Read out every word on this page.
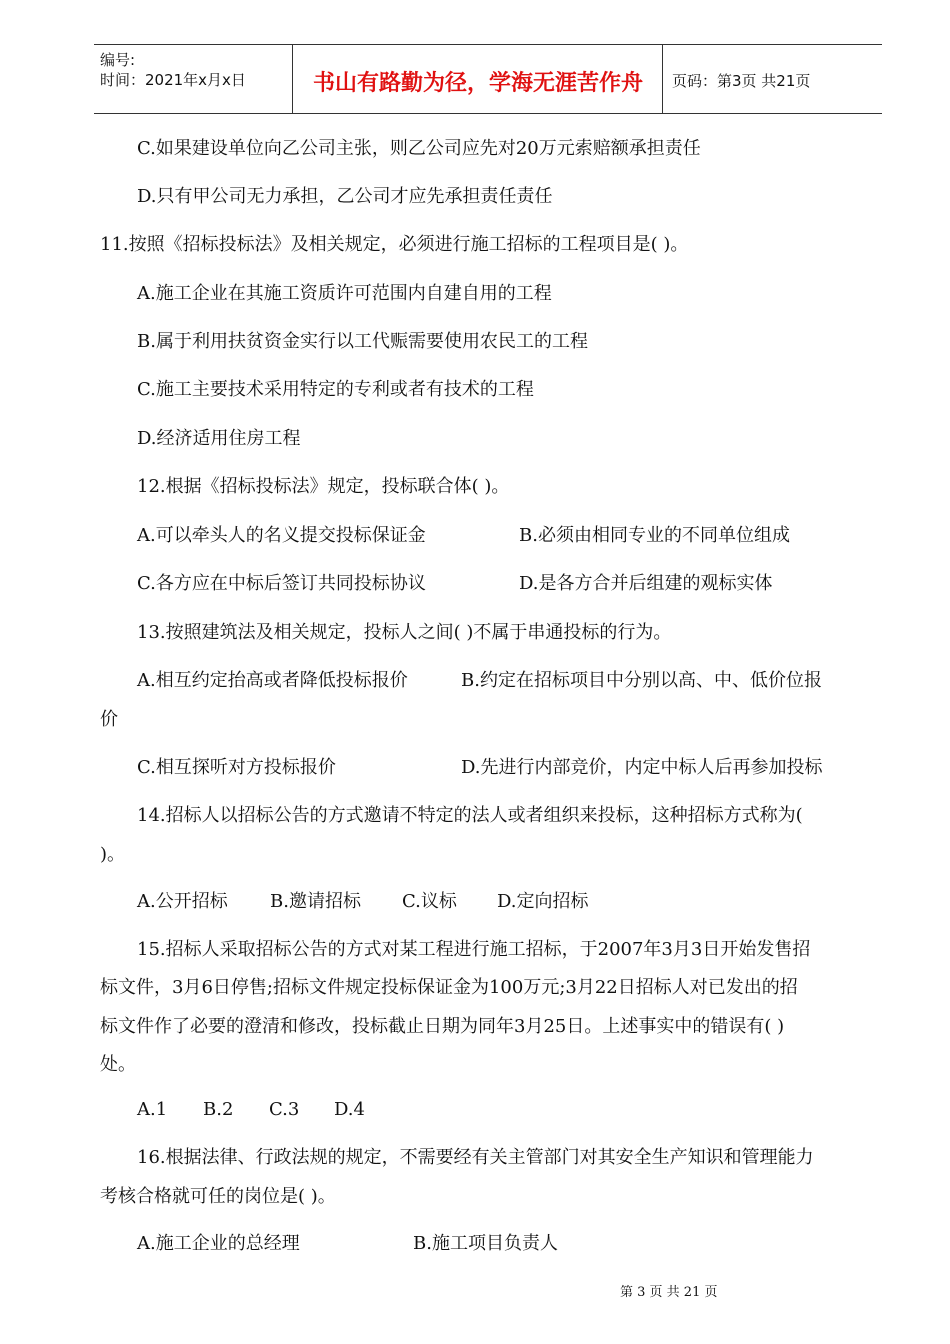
编号:
时间：2021年x月x日	书山有路勤为径，学海无涯苦作舟	页码：第3页 共21页
C.如果建设单位向乙公司主张，则乙公司应先对20万元索赔额承担责任
D.只有甲公司无力承担，乙公司才应先承担责任责任
11.按照《招标投标法》及相关规定，必须进行施工招标的工程项目是( )。
A.施工企业在其施工资质许可范围内自建自用的工程
B.属于利用扶贫资金实行以工代赈需要使用农民工的工程
C.施工主要技术采用特定的专利或者有技术的工程
D.经济适用住房工程
12.根据《招标投标法》规定，投标联合体( )。
A.可以牵头人的名义提交投标保证金	B.必须由相同专业的不同单位组成
C.各方应在中标后签订共同投标协议	D.是各方合并后组建的观标实体
13.按照建筑法及相关规定，投标人之间( )不属于串通投标的行为。
A.相互约定抬高或者降低投标报价	B.约定在招标项目中分别以高、中、低价位报
价
C.相互探听对方投标报价	D.先进行内部竞价，内定中标人后再参加投标
14.招标人以招标公告的方式邀请不特定的法人或者组织来投标，这种招标方式称为(
)。
A.公开招标 B.邀请招标 C.议标 D.定向招标
15.招标人采取招标公告的方式对某工程进行施工招标，于2007年3月3日开始发售招
标文件，3月6日停售;招标文件规定投标保证金为100万元;3月22日招标人对已发出的招
标文件作了必要的澄清和修改，投标截止日期为同年3月25日。上述事实中的错误有( )
处。
A.1 B.2 C.3 D.4
16.根据法律、行政法规的规定，不需要经有关主管部门对其安全生产知识和管理能力
考核合格就可任的岗位是( )。
A.施工企业的总经理	B.施工项目负责人
第 3 页 共 21 页
